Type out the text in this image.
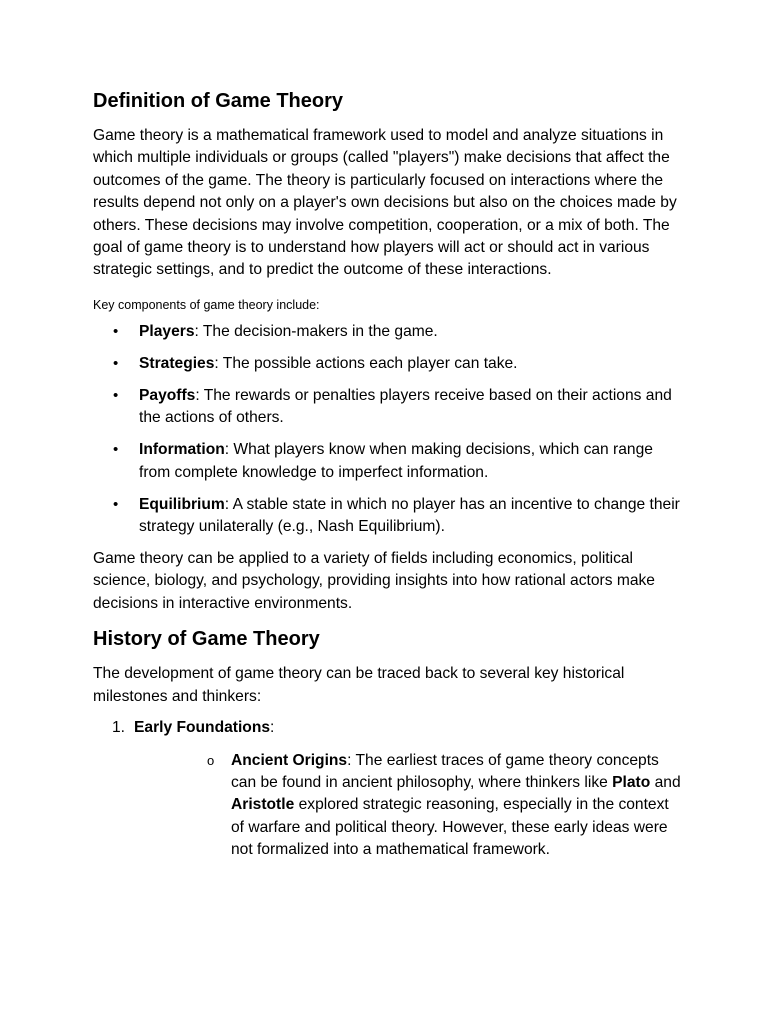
Definition of Game Theory

Game theory is a mathematical framework used to model and analyze situations in which multiple individuals or groups (called "players") make decisions that affect the outcomes of the game. The theory is particularly focused on interactions where the results depend not only on a player's own decisions but also on the choices made by others. These decisions may involve competition, cooperation, or a mix of both. The goal of game theory is to understand how players will act or should act in various strategic settings, and to predict the outcome of these interactions.

Key components of game theory include:

• Players: The decision-makers in the game.
• Strategies: The possible actions each player can take.
• Payoffs: The rewards or penalties players receive based on their actions and the actions of others.
• Information: What players know when making decisions, which can range from complete knowledge to imperfect information.
• Equilibrium: A stable state in which no player has an incentive to change their strategy unilaterally (e.g., Nash Equilibrium).

Game theory can be applied to a variety of fields including economics, political science, biology, and psychology, providing insights into how rational actors make decisions in interactive environments.

History of Game Theory

The development of game theory can be traced back to several key historical milestones and thinkers:

1. Early Foundations:
o Ancient Origins: The earliest traces of game theory concepts can be found in ancient philosophy, where thinkers like Plato and Aristotle explored strategic reasoning, especially in the context of warfare and political theory. However, these early ideas were not formalized into a mathematical framework.
